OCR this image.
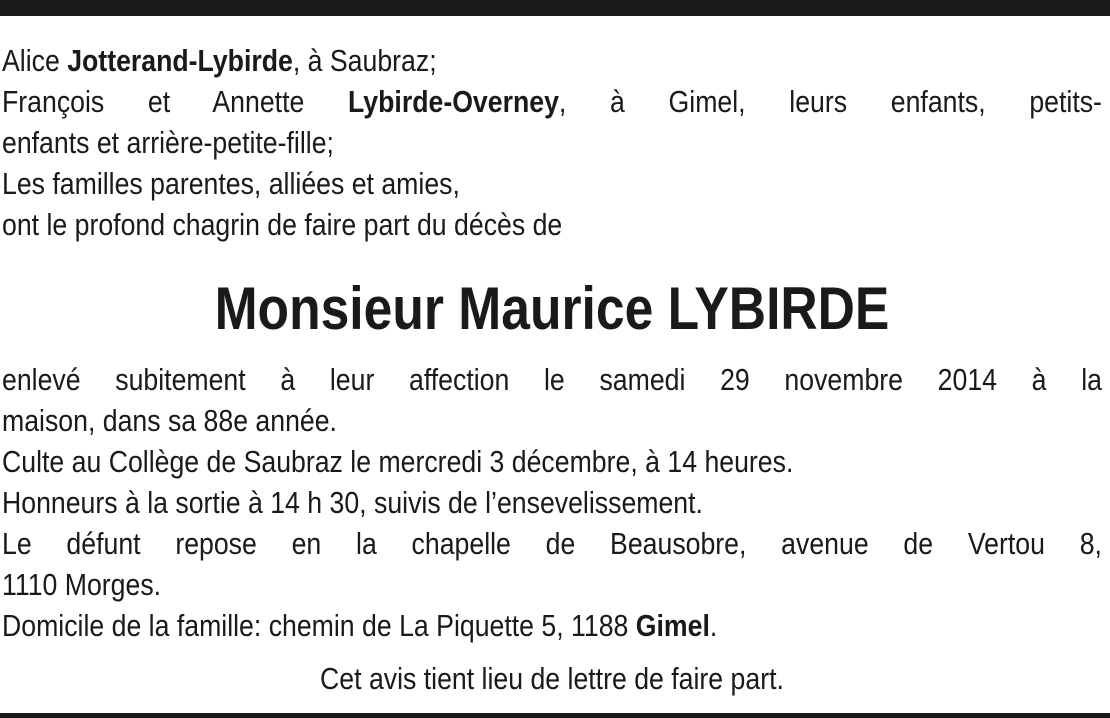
Alice Jotterand-Lybirde, à Saubraz;
François et Annette Lybirde-Overney, à Gimel, leurs enfants, petits-
enfants et arrière-petite-fille;
Les familles parentes, alliées et amies,
ont le profond chagrin de faire part du décès de
Monsieur Maurice LYBIRDE
enlevé subitement à leur affection le samedi 29 novembre 2014 à la
maison, dans sa 88e année.
Culte au Collège de Saubraz le mercredi 3 décembre, à 14 heures.
Honneurs à la sortie à 14 h 30, suivis de l’ensevelissement.
Le défunt repose en la chapelle de Beausobre, avenue de Vertou 8,
1110 Morges.
Domicile de la famille: chemin de La Piquette 5, 1188 Gimel.
Cet avis tient lieu de lettre de faire part.
